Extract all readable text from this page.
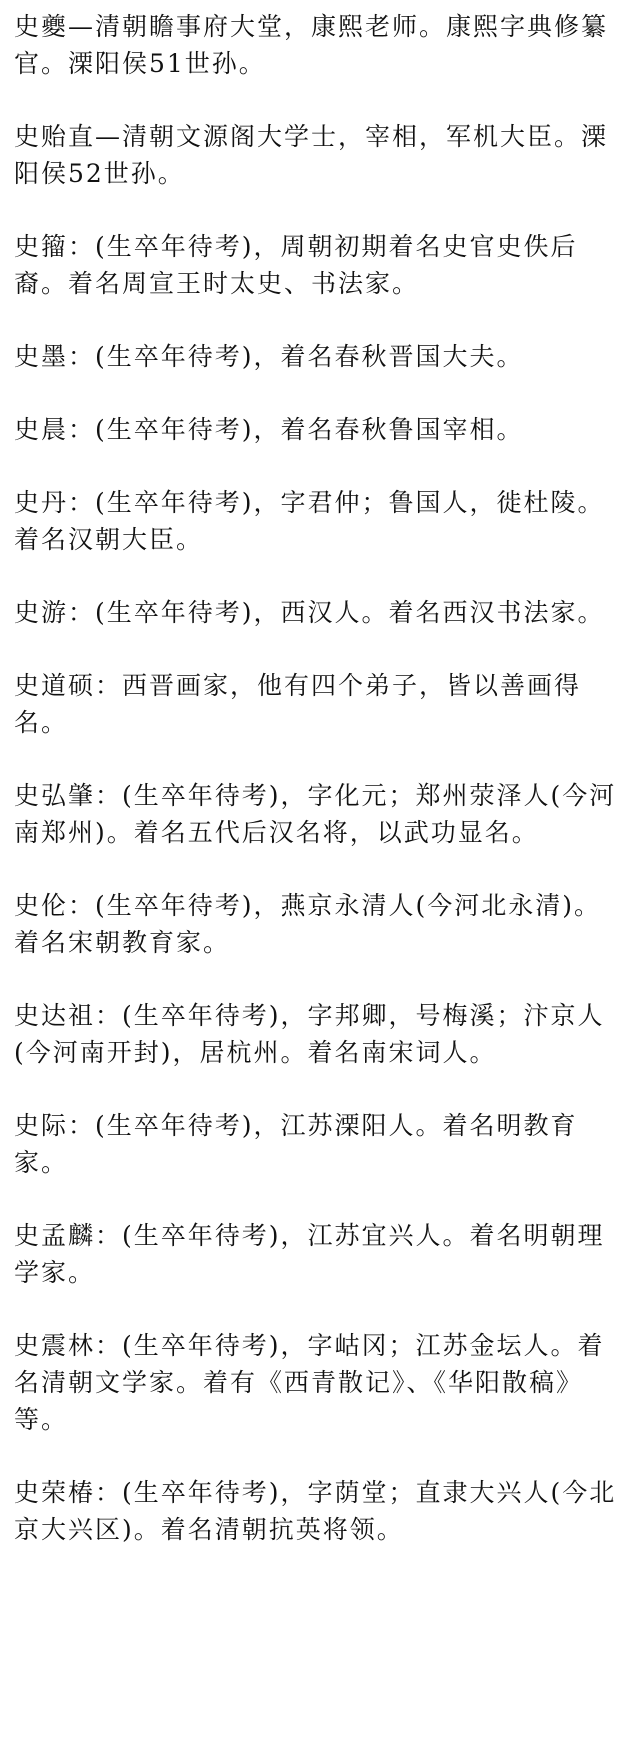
史夔—清朝瞻事府大堂，康熙老师。康熙字典修纂官。溧阳侯51世孙。

史贻直—清朝文源阁大学士，宰相，军机大臣。溧阳侯52世孙。

史籀：(生卒年待考)，周朝初期着名史官史佚后裔。着名周宣王时太史、书法家。

史墨：(生卒年待考)，着名春秋晋国大夫。

史晨：(生卒年待考)，着名春秋鲁国宰相。

史丹：(生卒年待考)，字君仲；鲁国人，徙杜陵。着名汉朝大臣。

史游：(生卒年待考)，西汉人。着名西汉书法家。

史道硕：西晋画家，他有四个弟子，皆以善画得名。

史弘肇：(生卒年待考)，字化元；郑州荥泽人(今河南郑州)。着名五代后汉名将，以武功显名。

史伦：(生卒年待考)，燕京永清人(今河北永清)。着名宋朝教育家。

史达祖：(生卒年待考)，字邦卿，号梅溪；汴京人(今河南开封)，居杭州。着名南宋词人。

史际：(生卒年待考)，江苏溧阳人。着名明教育家。

史孟麟：(生卒年待考)，江苏宜兴人。着名明朝理学家。

史震林：(生卒年待考)，字岵冈；江苏金坛人。着名清朝文学家。着有《西青散记》、《华阳散稿》等。

史荣椿：(生卒年待考)，字荫堂；直隶大兴人(今北京大兴区)。着名清朝抗英将领。
